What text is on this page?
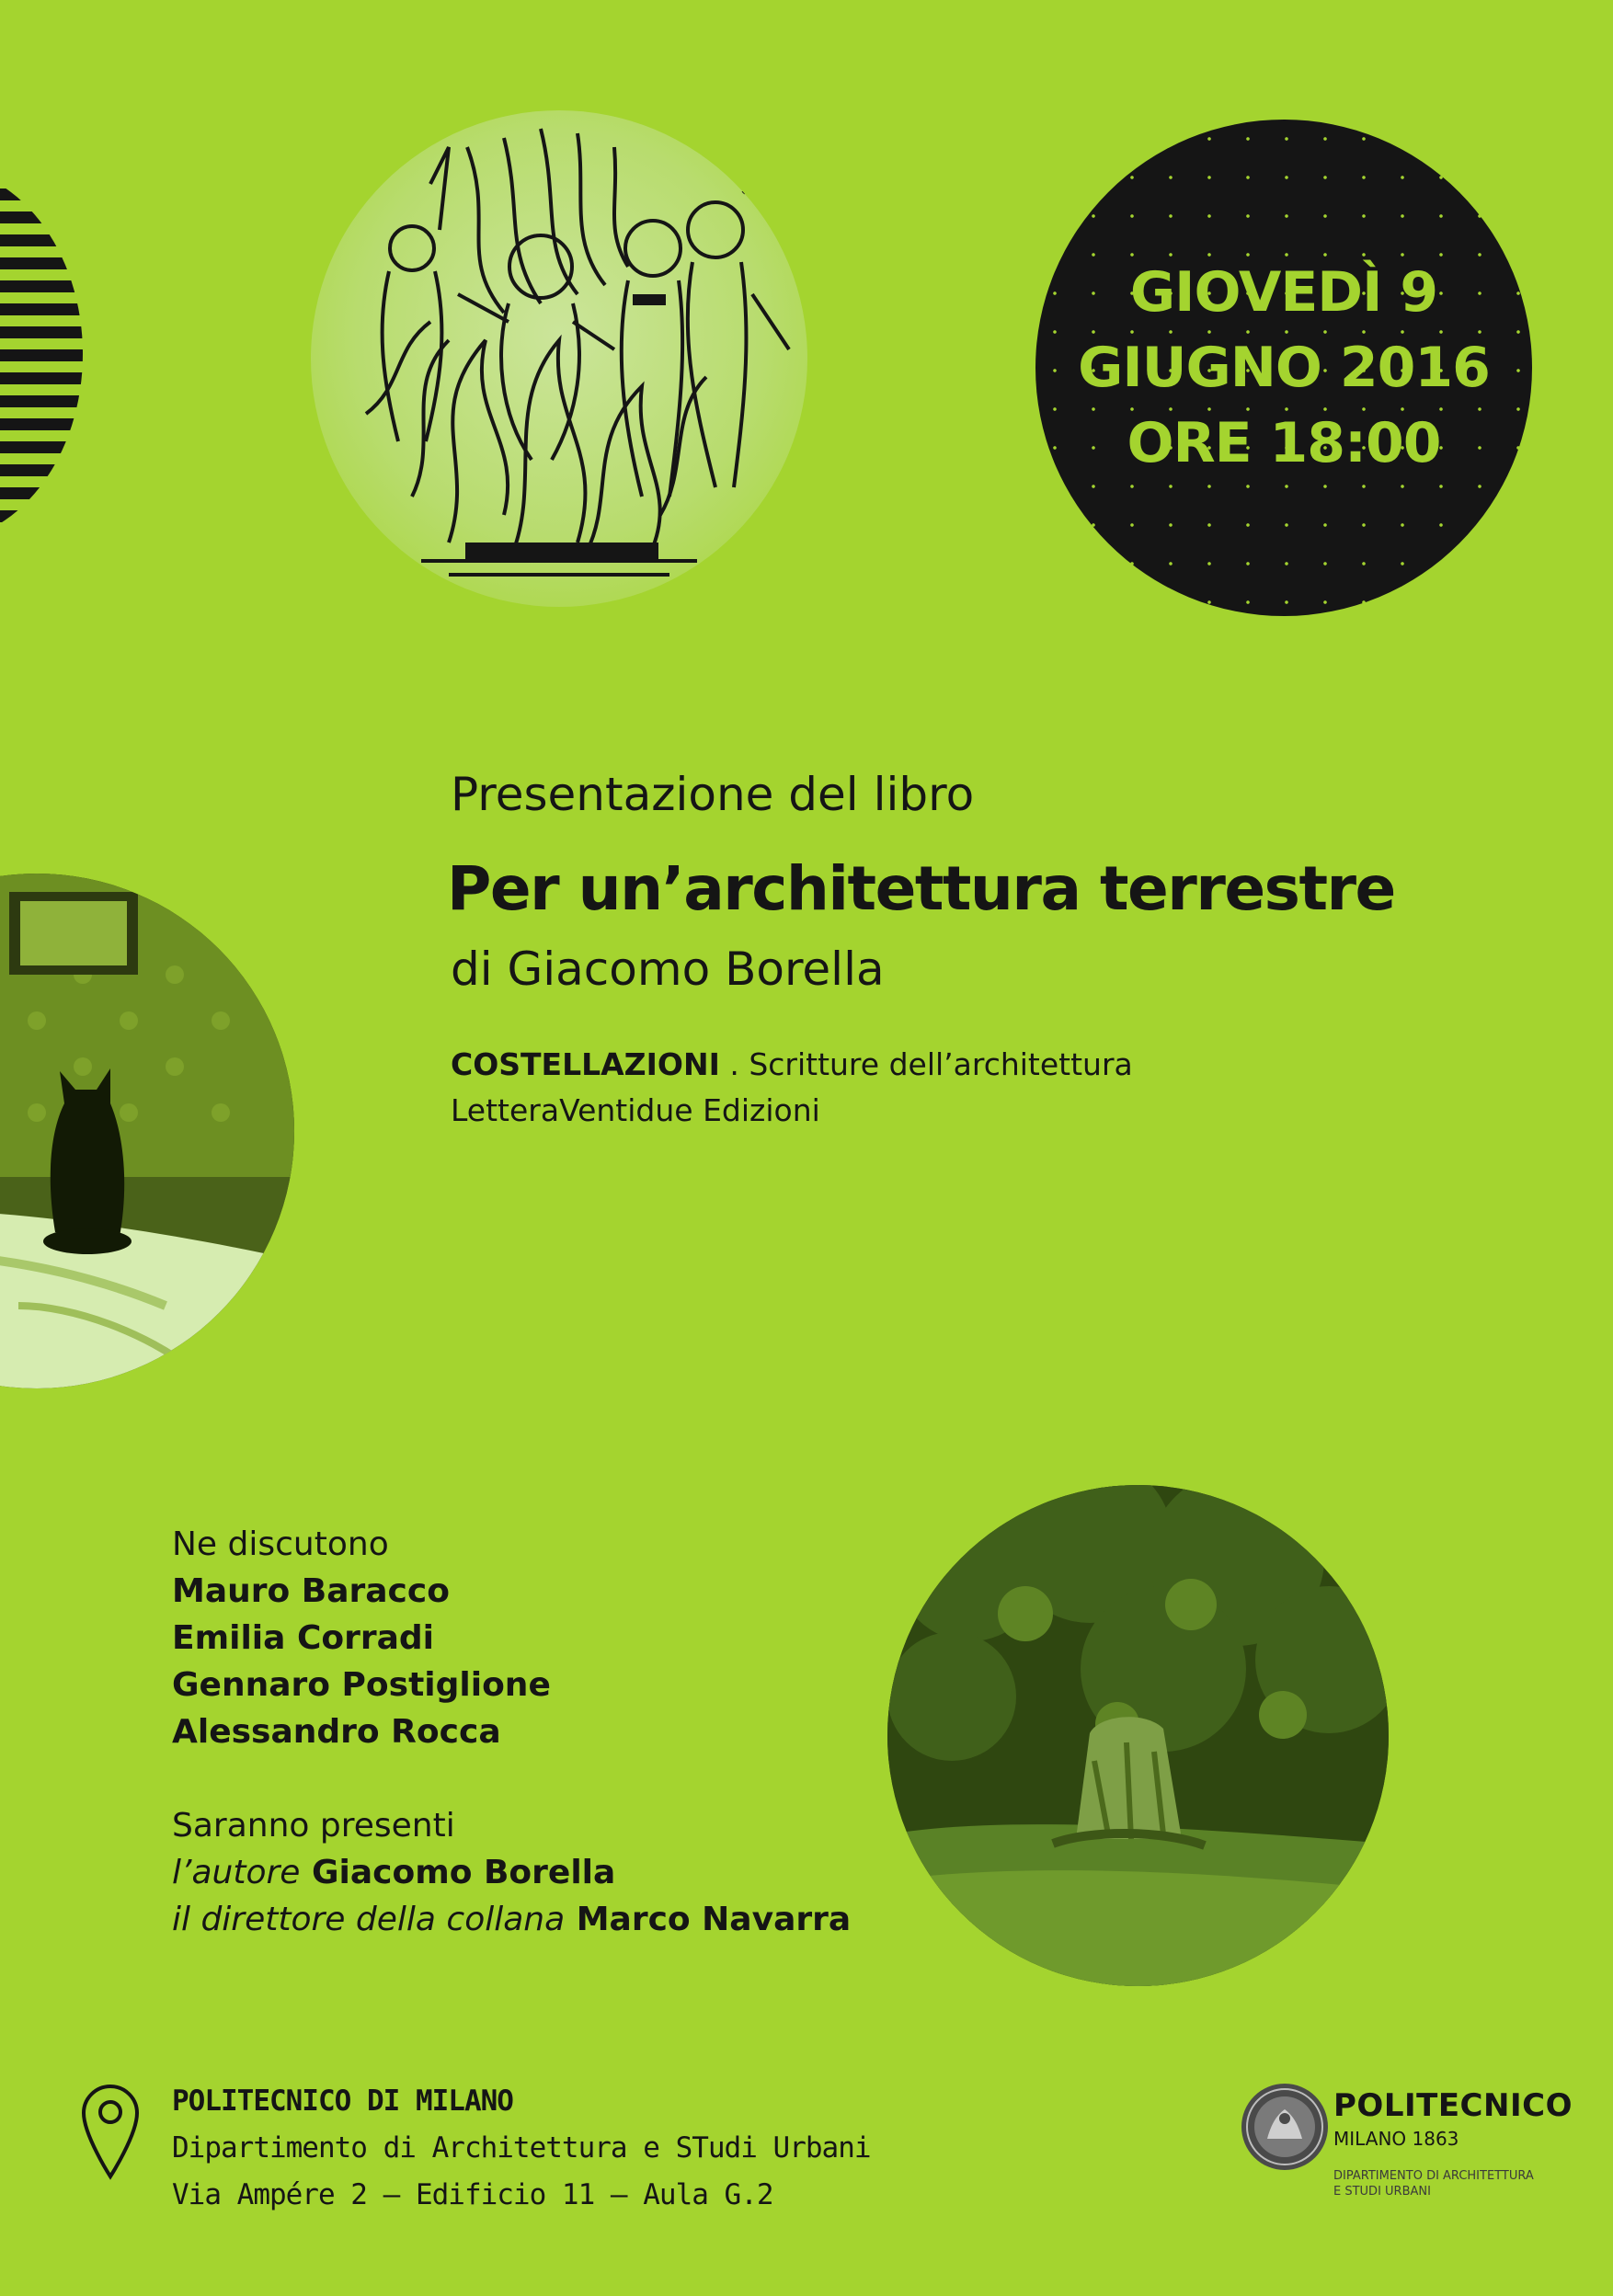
GIOVEDÌ 9
GIUGNO 2016
ORE 18:00
Presentazione del libro
Per un’architettura terrestre
di Giacomo Borella
COSTELLAZIONI . Scritture dell’architettura
LetteraVentidue Edizioni
Ne discutono
Mauro Baracco
Emilia Corradi
Gennaro Postiglione
Alessandro Rocca
Saranno presenti
l’autore Giacomo Borella
il direttore della collana Marco Navarra
POLITECNICO DI MILANO
Dipartimento di Architettura e STudi Urbani
Via Ampére 2 – Edificio 11 – Aula G.2
POLITECNICO
MILANO 1863
DIPARTIMENTO DI ARCHITETTURA
E STUDI URBANI
